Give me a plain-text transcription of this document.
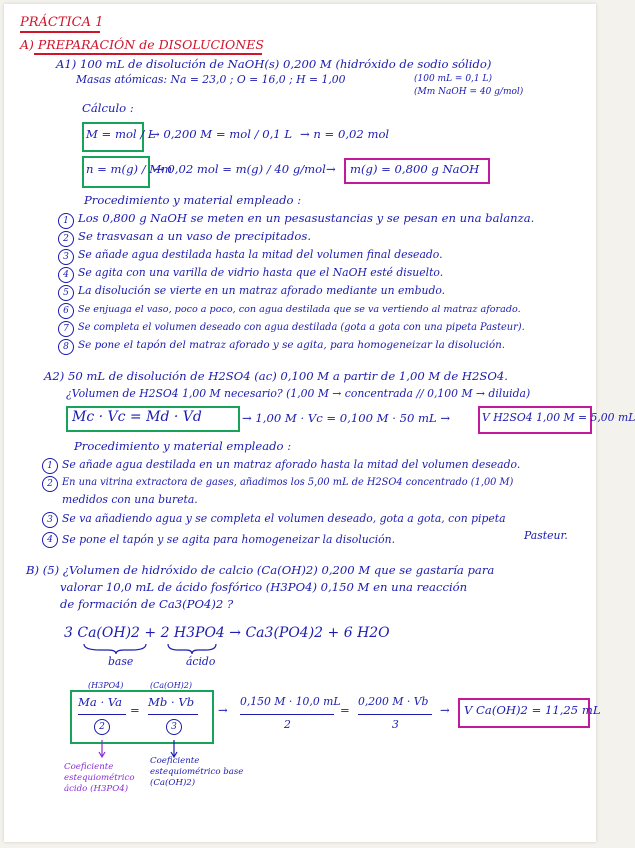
PRÁCTICA 1
A) PREPARACIÓN de DISOLUCIONES
A1) 100 mL de disolución de NaOH(s) 0,200 M (hidróxido de sodio sólido)
Masas atómicas: Na = 23,0 ; O = 16,0 ; H = 1,00	(100 mL = 0,1 L)
(Mm NaOH = 40 g/mol)
Cálculo :
M = mol / L
→ 0,200 M = mol / 0,1 L → n = 0,02 mol
n = m(g) / Mm
→ 0,02 mol = m(g) / 40 g/mol → m(g) = 0,800 g NaOH
Procedimiento y material empleado :
1 Los 0,800 g NaOH se meten en un pesasustancias y se pesan en una balanza.
2 Se trasvasan a un vaso de precipitados.
3 Se añade agua destilada hasta la mitad del volumen final deseado.
4 Se agita con una varilla de vidrio hasta que el NaOH esté disuelto.
5 La disolución se vierte en un matraz aforado mediante un embudo.
6 Se enjuaga el vaso, poco a poco, con agua destilada que se va vertiendo al matraz aforado.
7 Se completa el volumen deseado con agua destilada (gota a gota con una pipeta Pasteur).
8 Se pone el tapón del matraz aforado y se agita, para homogeneizar la disolución.
A2) 50 mL de disolución de H2SO4 (ac) 0,100 M a partir de 1,00 M de H2SO4.
¿Volumen de H2SO4 1,00 M necesario? (1,00 M → concentrada // 0,100 M → diluida)
Mc · Vc = Md · Vd	→ 1,00 M · Vc = 0,100 M · 50 mL →	V H2SO4 1,00 M = 5,00 mL
Procedimiento y material empleado :
1 Se añade agua destilada en un matraz aforado hasta la mitad del volumen deseado.
2 En una vitrina extractora de gases, añadimos los 5,00 mL de H2SO4 concentrado (1,00 M)
medidos con una bureta.
3 Se va añadiendo agua y se completa el volumen deseado, gota a gota, con pipeta
Pasteur.
4 Se pone el tapón y se agita para homogeneizar la disolución.
B) (5) ¿Volumen de hidróxido de calcio (Ca(OH)2) 0,200 M que se gastaría para
valorar 10,0 mL de ácido fosfórico (H3PO4) 0,150 M en una reacción
de formación de Ca3(PO4)2 ?
3 Ca(OH)2 + 2 H3PO4 → Ca3(PO4)2 + 6 H2O
base	ácido
(H3PO4)	(Ca(OH)2)
Ma · Va
2
=
Mb · Vb
3
→
0,150 M · 10,0 mL
2
=
0,200 M · Vb
3
→ V Ca(OH)2 = 11,25 mL
Coeficiente estequiométrico ácido (H3PO4)
Coeficiente estequiométrico base (Ca(OH)2)
